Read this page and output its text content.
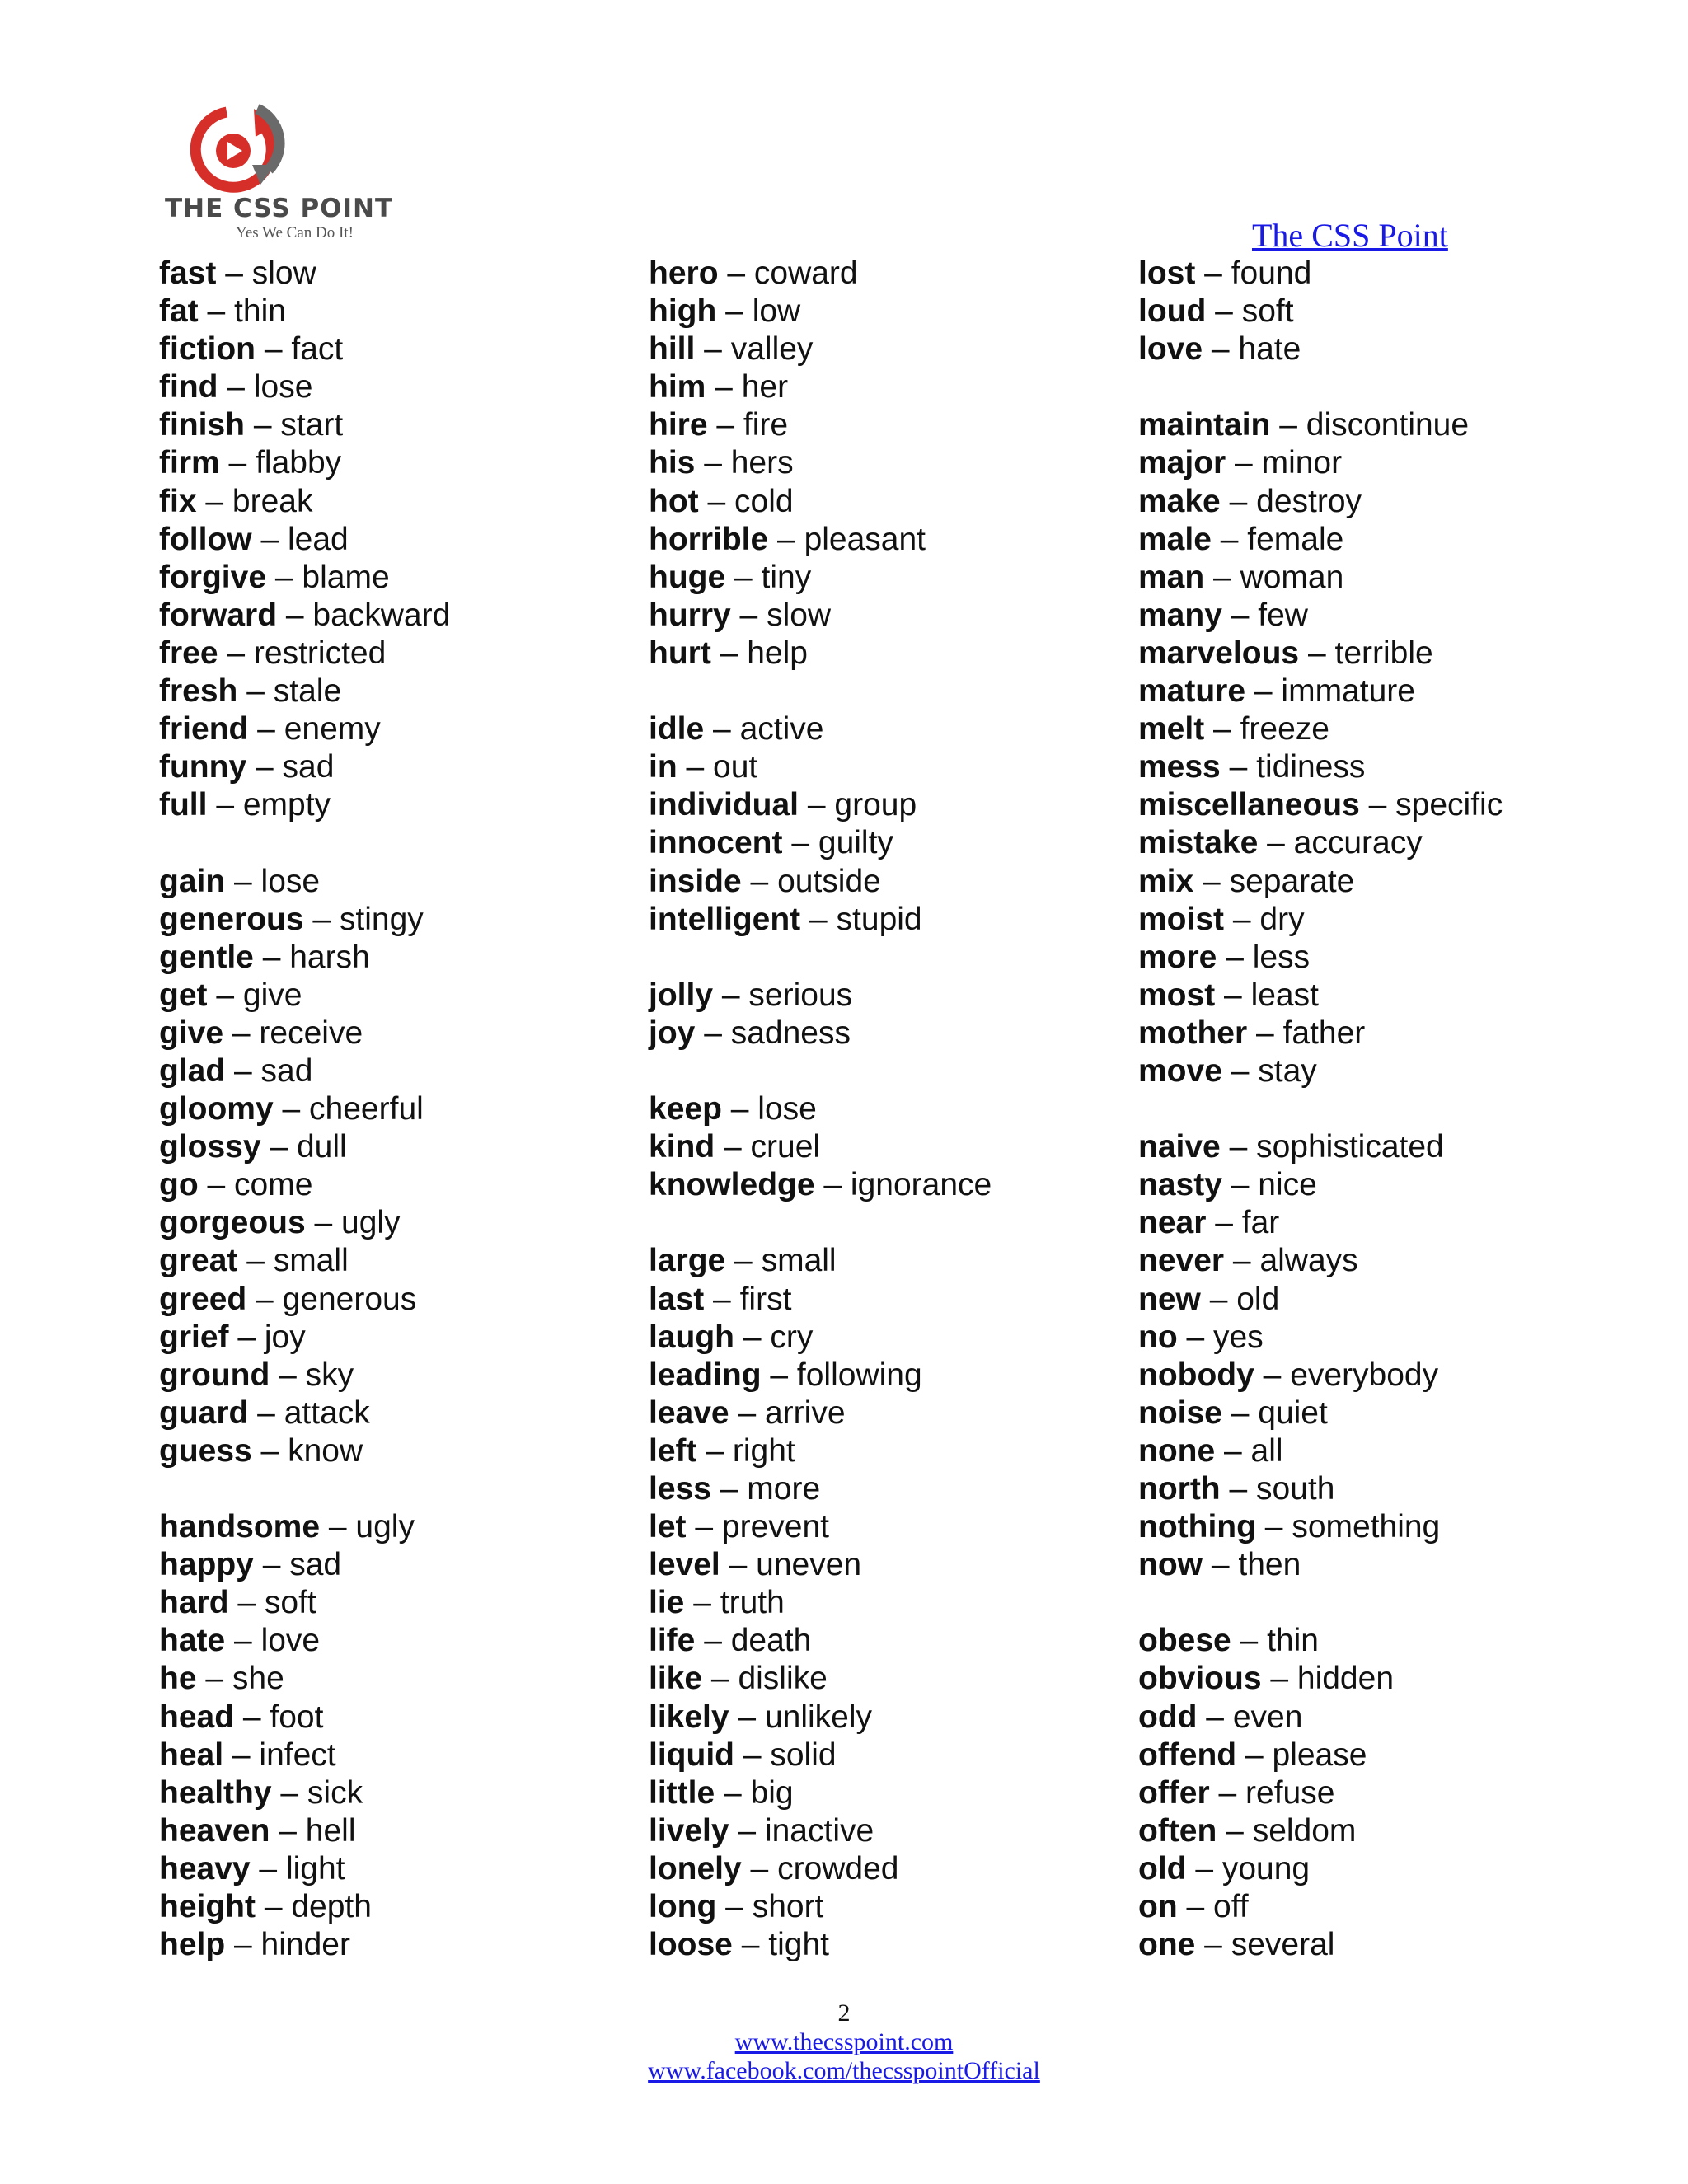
THE CSS POINT
Yes We Can Do It!	The CSS Point
fast – slow
fat – thin
fiction – fact
find – lose
finish – start
firm – flabby
fix – break
follow – lead
forgive – blame
forward – backward
free – restricted
fresh – stale
friend – enemy
funny – sad
full – empty
gain – lose
generous – stingy
gentle – harsh
get – give
give – receive
glad – sad
gloomy – cheerful
glossy – dull
go – come
gorgeous – ugly
great – small
greed – generous
grief – joy
ground – sky
guard – attack
guess – know
handsome – ugly
happy – sad
hard – soft
hate – love
he – she
head – foot
heal – infect
healthy – sick
heaven – hell
heavy – light
height – depth
help – hinder
hero – coward
high – low
hill – valley
him – her
hire – fire
his – hers
hot – cold
horrible – pleasant
huge – tiny
hurry – slow
hurt – help
idle – active
in – out
individual – group
innocent – guilty
inside – outside
intelligent – stupid
jolly – serious
joy – sadness
keep – lose
kind – cruel
knowledge – ignorance
large – small
last – first
laugh – cry
leading – following
leave – arrive
left – right
less – more
let – prevent
level – uneven
lie – truth
life – death
like – dislike
likely – unlikely
liquid – solid
little – big
lively – inactive
lonely – crowded
long – short
loose – tight
lost – found
loud – soft
love – hate
maintain – discontinue
major – minor
make – destroy
male – female
man – woman
many – few
marvelous – terrible
mature – immature
melt – freeze
mess – tidiness
miscellaneous – specific
mistake – accuracy
mix – separate
moist – dry
more – less
most – least
mother – father
move – stay
naive – sophisticated
nasty – nice
near – far
never – always
new – old
no – yes
nobody – everybody
noise – quiet
none – all
north – south
nothing – something
now – then
obese – thin
obvious – hidden
odd – even
offend – please
offer – refuse
often – seldom
old – young
on – off
one – several
2
www.thecsspoint.com
www.facebook.com/thecsspointOfficial
